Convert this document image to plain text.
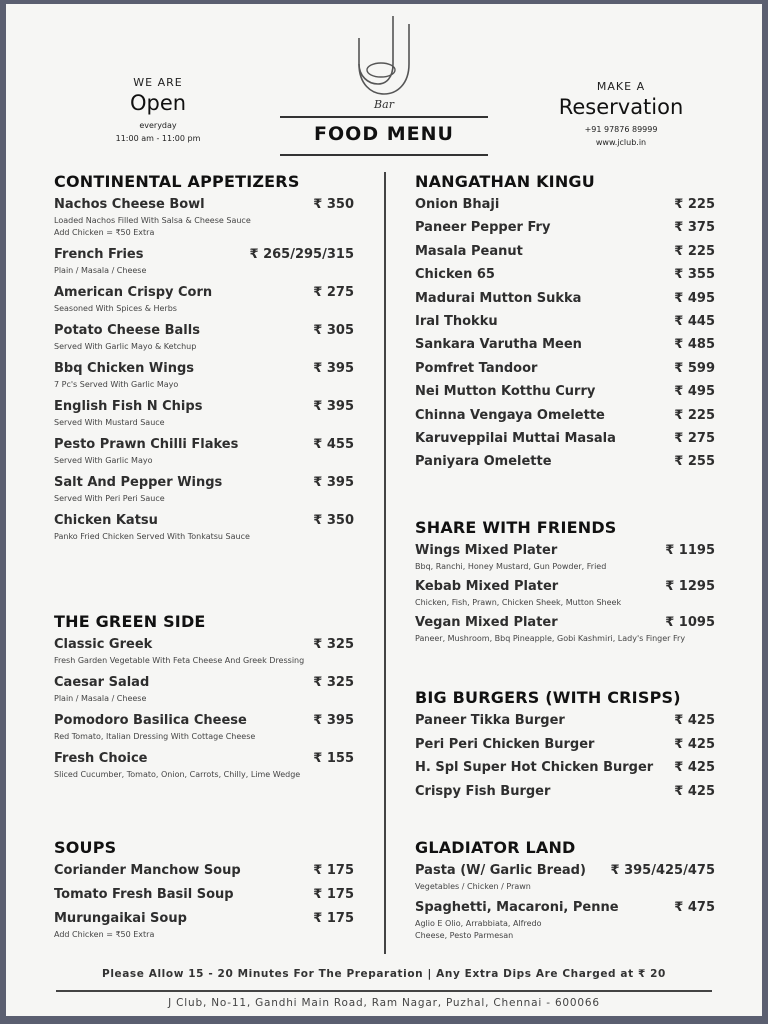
WE ARE
Open
everyday
11:00 am - 11:00 pm
Bar
FOOD MENU
MAKE A
Reservation
+91 97876 89999
www.jclub.in
CONTINENTAL APPETIZERS
Nachos Cheese Bowl	₹ 350
Loaded Nachos Filled With Salsa & Cheese Sauce
Add Chicken = ₹50 Extra
French Fries	₹ 265/295/315
Plain / Masala / Cheese
American Crispy Corn	₹ 275
Seasoned With Spices & Herbs
Potato Cheese Balls	₹ 305
Served With Garlic Mayo & Ketchup
Bbq Chicken Wings	₹ 395
7 Pc's Served With Garlic Mayo
English Fish N Chips	₹ 395
Served With Mustard Sauce
Pesto Prawn Chilli Flakes	₹ 455
Served With Garlic Mayo
Salt And Pepper Wings	₹ 395
Served With Peri Peri Sauce
Chicken Katsu	₹ 350
Panko Fried Chicken Served With Tonkatsu Sauce
THE GREEN SIDE
Classic Greek	₹ 325
Fresh Garden Vegetable With Feta Cheese And Greek Dressing
Caesar Salad	₹ 325
Plain / Masala / Cheese
Pomodoro Basilica Cheese	₹ 395
Red Tomato, Italian Dressing With Cottage Cheese
Fresh Choice	₹ 155
Sliced Cucumber, Tomato, Onion, Carrots, Chilly, Lime Wedge
SOUPS
Coriander Manchow Soup	₹ 175
Tomato Fresh Basil Soup	₹ 175
Murungaikai Soup	₹ 175
Add Chicken = ₹50 Extra
NANGATHAN KINGU
Onion Bhaji	₹ 225
Paneer Pepper Fry	₹ 375
Masala Peanut	₹ 225
Chicken 65	₹ 355
Madurai Mutton Sukka	₹ 495
Iral Thokku	₹ 445
Sankara Varutha Meen	₹ 485
Pomfret Tandoor	₹ 599
Nei Mutton Kotthu Curry	₹ 495
Chinna Vengaya Omelette	₹ 225
Karuveppilai Muttai Masala	₹ 275
Paniyara Omelette	₹ 255
SHARE WITH FRIENDS
Wings Mixed Plater	₹ 1195
Bbq, Ranchi, Honey Mustard, Gun Powder, Fried
Kebab Mixed Plater	₹ 1295
Chicken, Fish, Prawn, Chicken Sheek, Mutton Sheek
Vegan Mixed Plater	₹ 1095
Paneer, Mushroom, Bbq Pineapple, Gobi Kashmiri, Lady's Finger Fry
BIG BURGERS (WITH CRISPS)
Paneer Tikka Burger	₹ 425
Peri Peri Chicken Burger	₹ 425
H. Spl Super Hot Chicken Burger ₹ 425
Crispy Fish Burger	₹ 425
GLADIATOR LAND
Pasta (W/ Garlic Bread) ₹ 395/425/475
Vegetables / Chicken / Prawn
Spaghetti, Macaroni, Penne	₹ 475
Aglio E Olio, Arrabbiata, Alfredo
Cheese, Pesto Parmesan
Please Allow 15 - 20 Minutes For The Preparation | Any Extra Dips Are Charged at ₹ 20
J Club, No-11, Gandhi Main Road, Ram Nagar, Puzhal, Chennai - 600066
